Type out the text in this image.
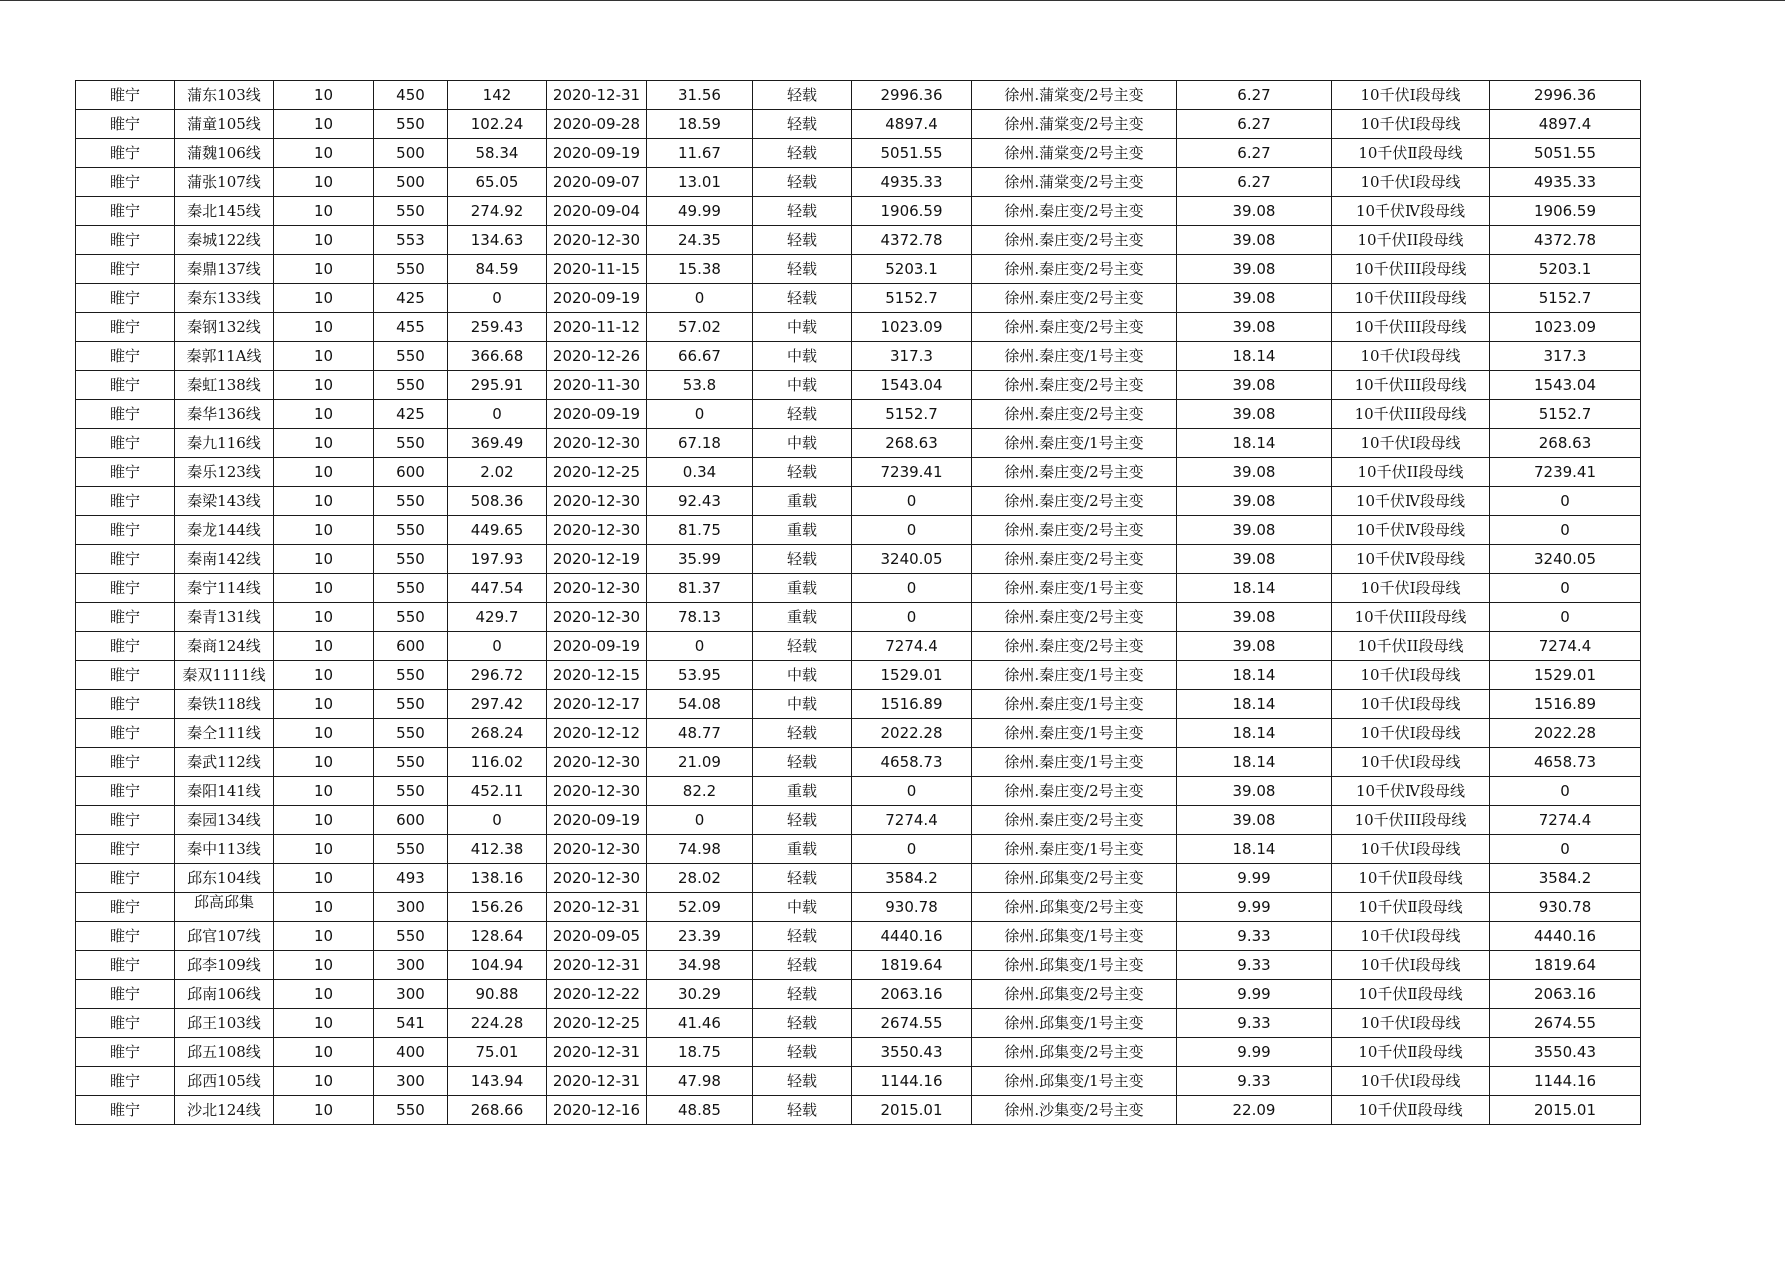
睢宁	蒲东103线	10	450	142	2020-12-31	31.56	轻载	2996.36	徐州.蒲棠变/2号主变	6.27	10千伏Ⅰ段母线	2996.36
睢宁	蒲童105线	10	550	102.24	2020-09-28	18.59	轻载	4897.4	徐州.蒲棠变/2号主变	6.27	10千伏Ⅰ段母线	4897.4
睢宁	蒲魏106线	10	500	58.34	2020-09-19	11.67	轻载	5051.55	徐州.蒲棠变/2号主变	6.27	10千伏Ⅱ段母线	5051.55
睢宁	蒲张107线	10	500	65.05	2020-09-07	13.01	轻载	4935.33	徐州.蒲棠变/2号主变	6.27	10千伏Ⅰ段母线	4935.33
睢宁	秦北145线	10	550	274.92	2020-09-04	49.99	轻载	1906.59	徐州.秦庄变/2号主变	39.08	10千伏Ⅳ段母线	1906.59
睢宁	秦城122线	10	553	134.63	2020-12-30	24.35	轻载	4372.78	徐州.秦庄变/2号主变	39.08	10千伏II段母线	4372.78
睢宁	秦鼎137线	10	550	84.59	2020-11-15	15.38	轻载	5203.1	徐州.秦庄变/2号主变	39.08	10千伏III段母线	5203.1
睢宁	秦东133线	10	425	0	2020-09-19	0	轻载	5152.7	徐州.秦庄变/2号主变	39.08	10千伏III段母线	5152.7
睢宁	秦钢132线	10	455	259.43	2020-11-12	57.02	中载	1023.09	徐州.秦庄变/2号主变	39.08	10千伏III段母线	1023.09
睢宁	秦郭11A线	10	550	366.68	2020-12-26	66.67	中载	317.3	徐州.秦庄变/1号主变	18.14	10千伏Ⅰ段母线	317.3
睢宁	秦虹138线	10	550	295.91	2020-11-30	53.8	中载	1543.04	徐州.秦庄变/2号主变	39.08	10千伏III段母线	1543.04
睢宁	秦华136线	10	425	0	2020-09-19	0	轻载	5152.7	徐州.秦庄变/2号主变	39.08	10千伏III段母线	5152.7
睢宁	秦九116线	10	550	369.49	2020-12-30	67.18	中载	268.63	徐州.秦庄变/1号主变	18.14	10千伏Ⅰ段母线	268.63
睢宁	秦乐123线	10	600	2.02	2020-12-25	0.34	轻载	7239.41	徐州.秦庄变/2号主变	39.08	10千伏II段母线	7239.41
睢宁	秦梁143线	10	550	508.36	2020-12-30	92.43	重载	0	徐州.秦庄变/2号主变	39.08	10千伏Ⅳ段母线	0
睢宁	秦龙144线	10	550	449.65	2020-12-30	81.75	重载	0	徐州.秦庄变/2号主变	39.08	10千伏Ⅳ段母线	0
睢宁	秦南142线	10	550	197.93	2020-12-19	35.99	轻载	3240.05	徐州.秦庄变/2号主变	39.08	10千伏Ⅳ段母线	3240.05
睢宁	秦宁114线	10	550	447.54	2020-12-30	81.37	重载	0	徐州.秦庄变/1号主变	18.14	10千伏Ⅰ段母线	0
睢宁	秦青131线	10	550	429.7	2020-12-30	78.13	重载	0	徐州.秦庄变/2号主变	39.08	10千伏III段母线	0
睢宁	秦商124线	10	600	0	2020-09-19	0	轻载	7274.4	徐州.秦庄变/2号主变	39.08	10千伏II段母线	7274.4
睢宁	秦双1111线	10	550	296.72	2020-12-15	53.95	中载	1529.01	徐州.秦庄变/1号主变	18.14	10千伏Ⅰ段母线	1529.01
睢宁	秦铁118线	10	550	297.42	2020-12-17	54.08	中载	1516.89	徐州.秦庄变/1号主变	18.14	10千伏Ⅰ段母线	1516.89
睢宁	秦仝111线	10	550	268.24	2020-12-12	48.77	轻载	2022.28	徐州.秦庄变/1号主变	18.14	10千伏Ⅰ段母线	2022.28
睢宁	秦武112线	10	550	116.02	2020-12-30	21.09	轻载	4658.73	徐州.秦庄变/1号主变	18.14	10千伏Ⅰ段母线	4658.73
睢宁	秦阳141线	10	550	452.11	2020-12-30	82.2	重载	0	徐州.秦庄变/2号主变	39.08	10千伏Ⅳ段母线	0
睢宁	秦园134线	10	600	0	2020-09-19	0	轻载	7274.4	徐州.秦庄变/2号主变	39.08	10千伏III段母线	7274.4
睢宁	秦中113线	10	550	412.38	2020-12-30	74.98	重载	0	徐州.秦庄变/1号主变	18.14	10千伏Ⅰ段母线	0
睢宁	邱东104线	10	493	138.16	2020-12-30	28.02	轻载	3584.2	徐州.邱集变/2号主变	9.99	10千伏Ⅱ段母线	3584.2
睢宁	邱高邱集	10	300	156.26	2020-12-31	52.09	中载	930.78	徐州.邱集变/2号主变	9.99	10千伏Ⅱ段母线	930.78
睢宁	邱官107线	10	550	128.64	2020-09-05	23.39	轻载	4440.16	徐州.邱集变/1号主变	9.33	10千伏Ⅰ段母线	4440.16
睢宁	邱李109线	10	300	104.94	2020-12-31	34.98	轻载	1819.64	徐州.邱集变/1号主变	9.33	10千伏Ⅰ段母线	1819.64
睢宁	邱南106线	10	300	90.88	2020-12-22	30.29	轻载	2063.16	徐州.邱集变/2号主变	9.99	10千伏Ⅱ段母线	2063.16
睢宁	邱王103线	10	541	224.28	2020-12-25	41.46	轻载	2674.55	徐州.邱集变/1号主变	9.33	10千伏Ⅰ段母线	2674.55
睢宁	邱五108线	10	400	75.01	2020-12-31	18.75	轻载	3550.43	徐州.邱集变/2号主变	9.99	10千伏Ⅱ段母线	3550.43
睢宁	邱西105线	10	300	143.94	2020-12-31	47.98	轻载	1144.16	徐州.邱集变/1号主变	9.33	10千伏Ⅰ段母线	1144.16
睢宁	沙北124线	10	550	268.66	2020-12-16	48.85	轻载	2015.01	徐州.沙集变/2号主变	22.09	10千伏Ⅱ段母线	2015.01
